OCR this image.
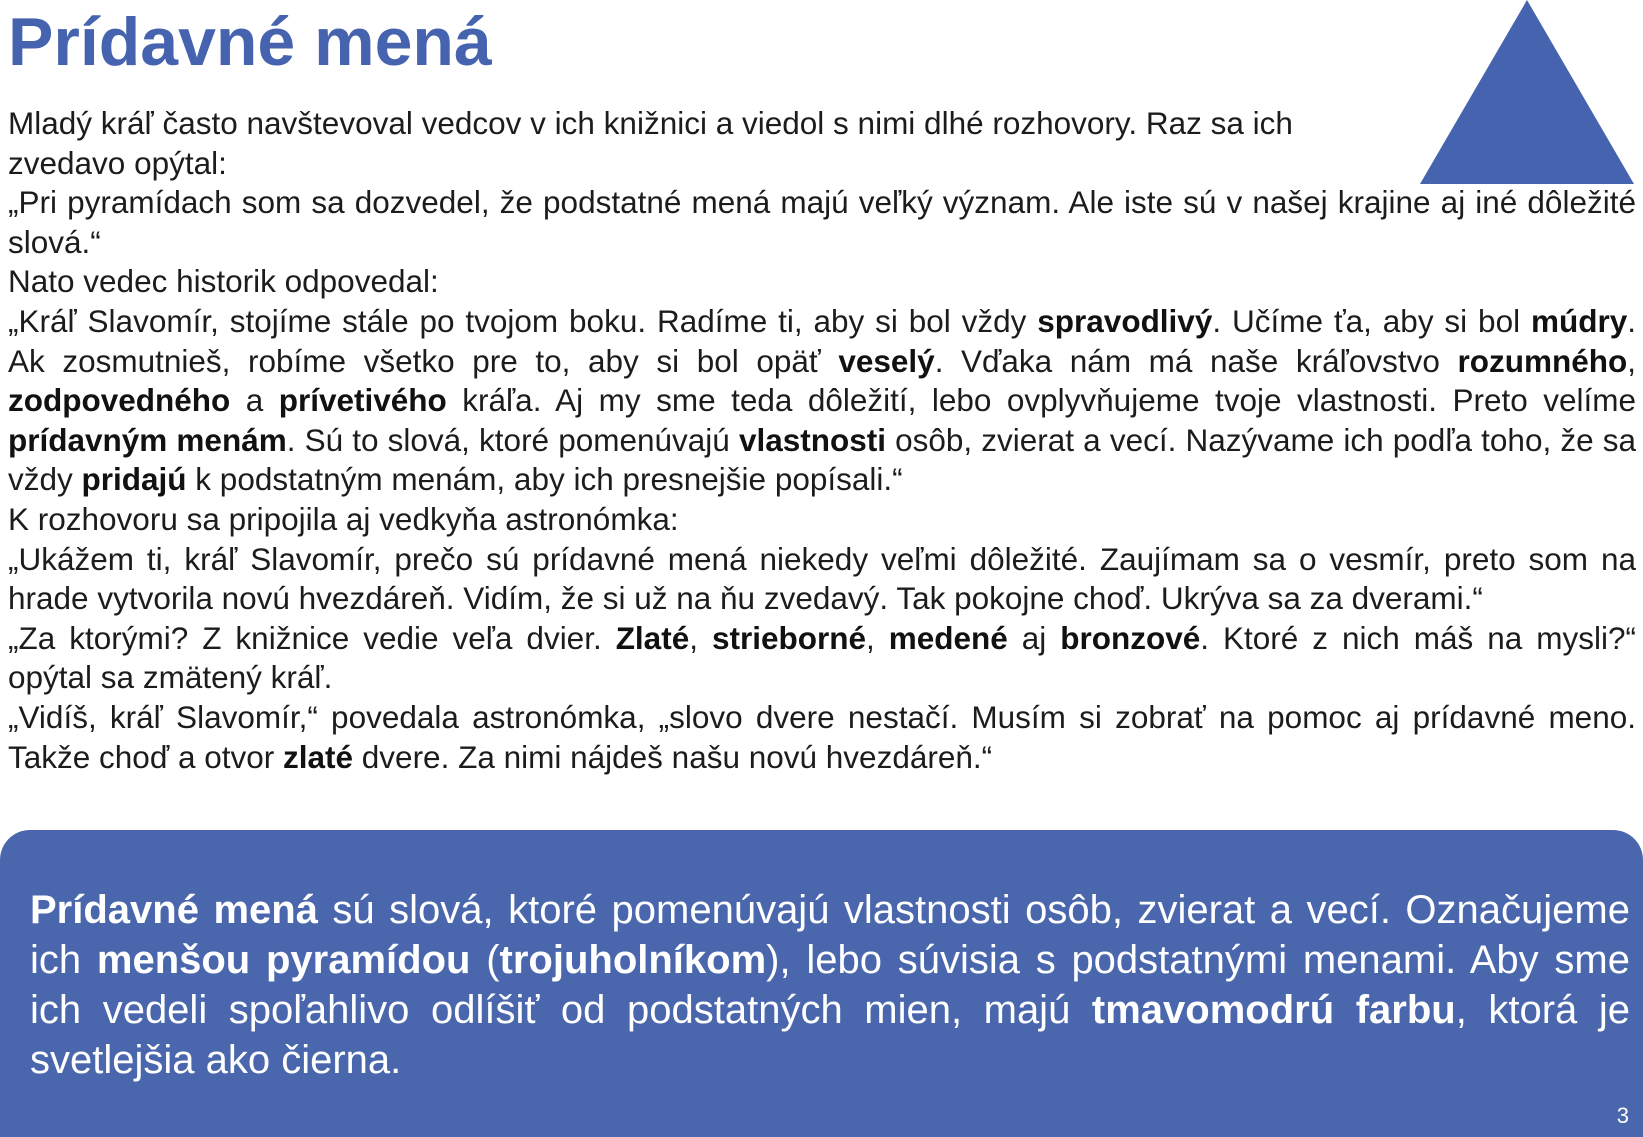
Prídavné mená

Mladý kráľ často navštevoval vedcov v ich knižnici a viedol s nimi dlhé rozhovory. Raz sa ich zvedavo opýtal:

„Pri pyramídach som sa dozvedel, že podstatné mená majú veľký význam. Ale iste sú v našej krajine aj iné dôležité slová.“

Nato vedec historik odpovedal:

„Kráľ Slavomír, stojíme stále po tvojom boku. Radíme ti, aby si bol vždy spravodlivý. Učíme ťa, aby si bol múdry. Ak zosmutnieš, robíme všetko pre to, aby si bol opäť veselý. Vďaka nám má naše kráľovstvo rozumného, zodpovedného a prívetivého kráľa. Aj my sme teda dôležití, lebo ovplyvňujeme tvoje vlastnosti. Preto velíme prídavným menám. Sú to slová, ktoré pomenúvajú vlastnosti osôb, zvierat a vecí. Nazývame ich podľa toho, že sa vždy pridajú k podstatným menám, aby ich presnejšie popísali.“

K rozhovoru sa pripojila aj vedkyňa astronómka:

„Ukážem ti, kráľ Slavomír, prečo sú prídavné mená niekedy veľmi dôležité. Zaujímam sa o vesmír, preto som na hrade vytvorila novú hvezdáreň. Vidím, že si už na ňu zvedavý. Tak pokojne choď. Ukrýva sa za dverami.“

„Za ktorými? Z knižnice vedie veľa dvier. Zlaté, strieborné, medené aj bronzové. Ktoré z nich máš na mysli?“ opýtal sa zmätený kráľ.

„Vidíš, kráľ Slavomír,“ povedala astronómka, „slovo dvere nestačí. Musím si zobrať na pomoc aj prídavné meno. Takže choď a otvor zlaté dvere. Za nimi nájdeš našu novú hvezdáreň.“

Prídavné mená sú slová, ktoré pomenúvajú vlastnosti osôb, zvierat a vecí. Označujeme ich menšou pyramídou (trojuholníkom), lebo súvisia s podstatnými menami. Aby sme ich vedeli spoľahlivo odlíšiť od podstatných mien, majú tmavomodrú farbu, ktorá je svetlejšia ako čierna.

3
